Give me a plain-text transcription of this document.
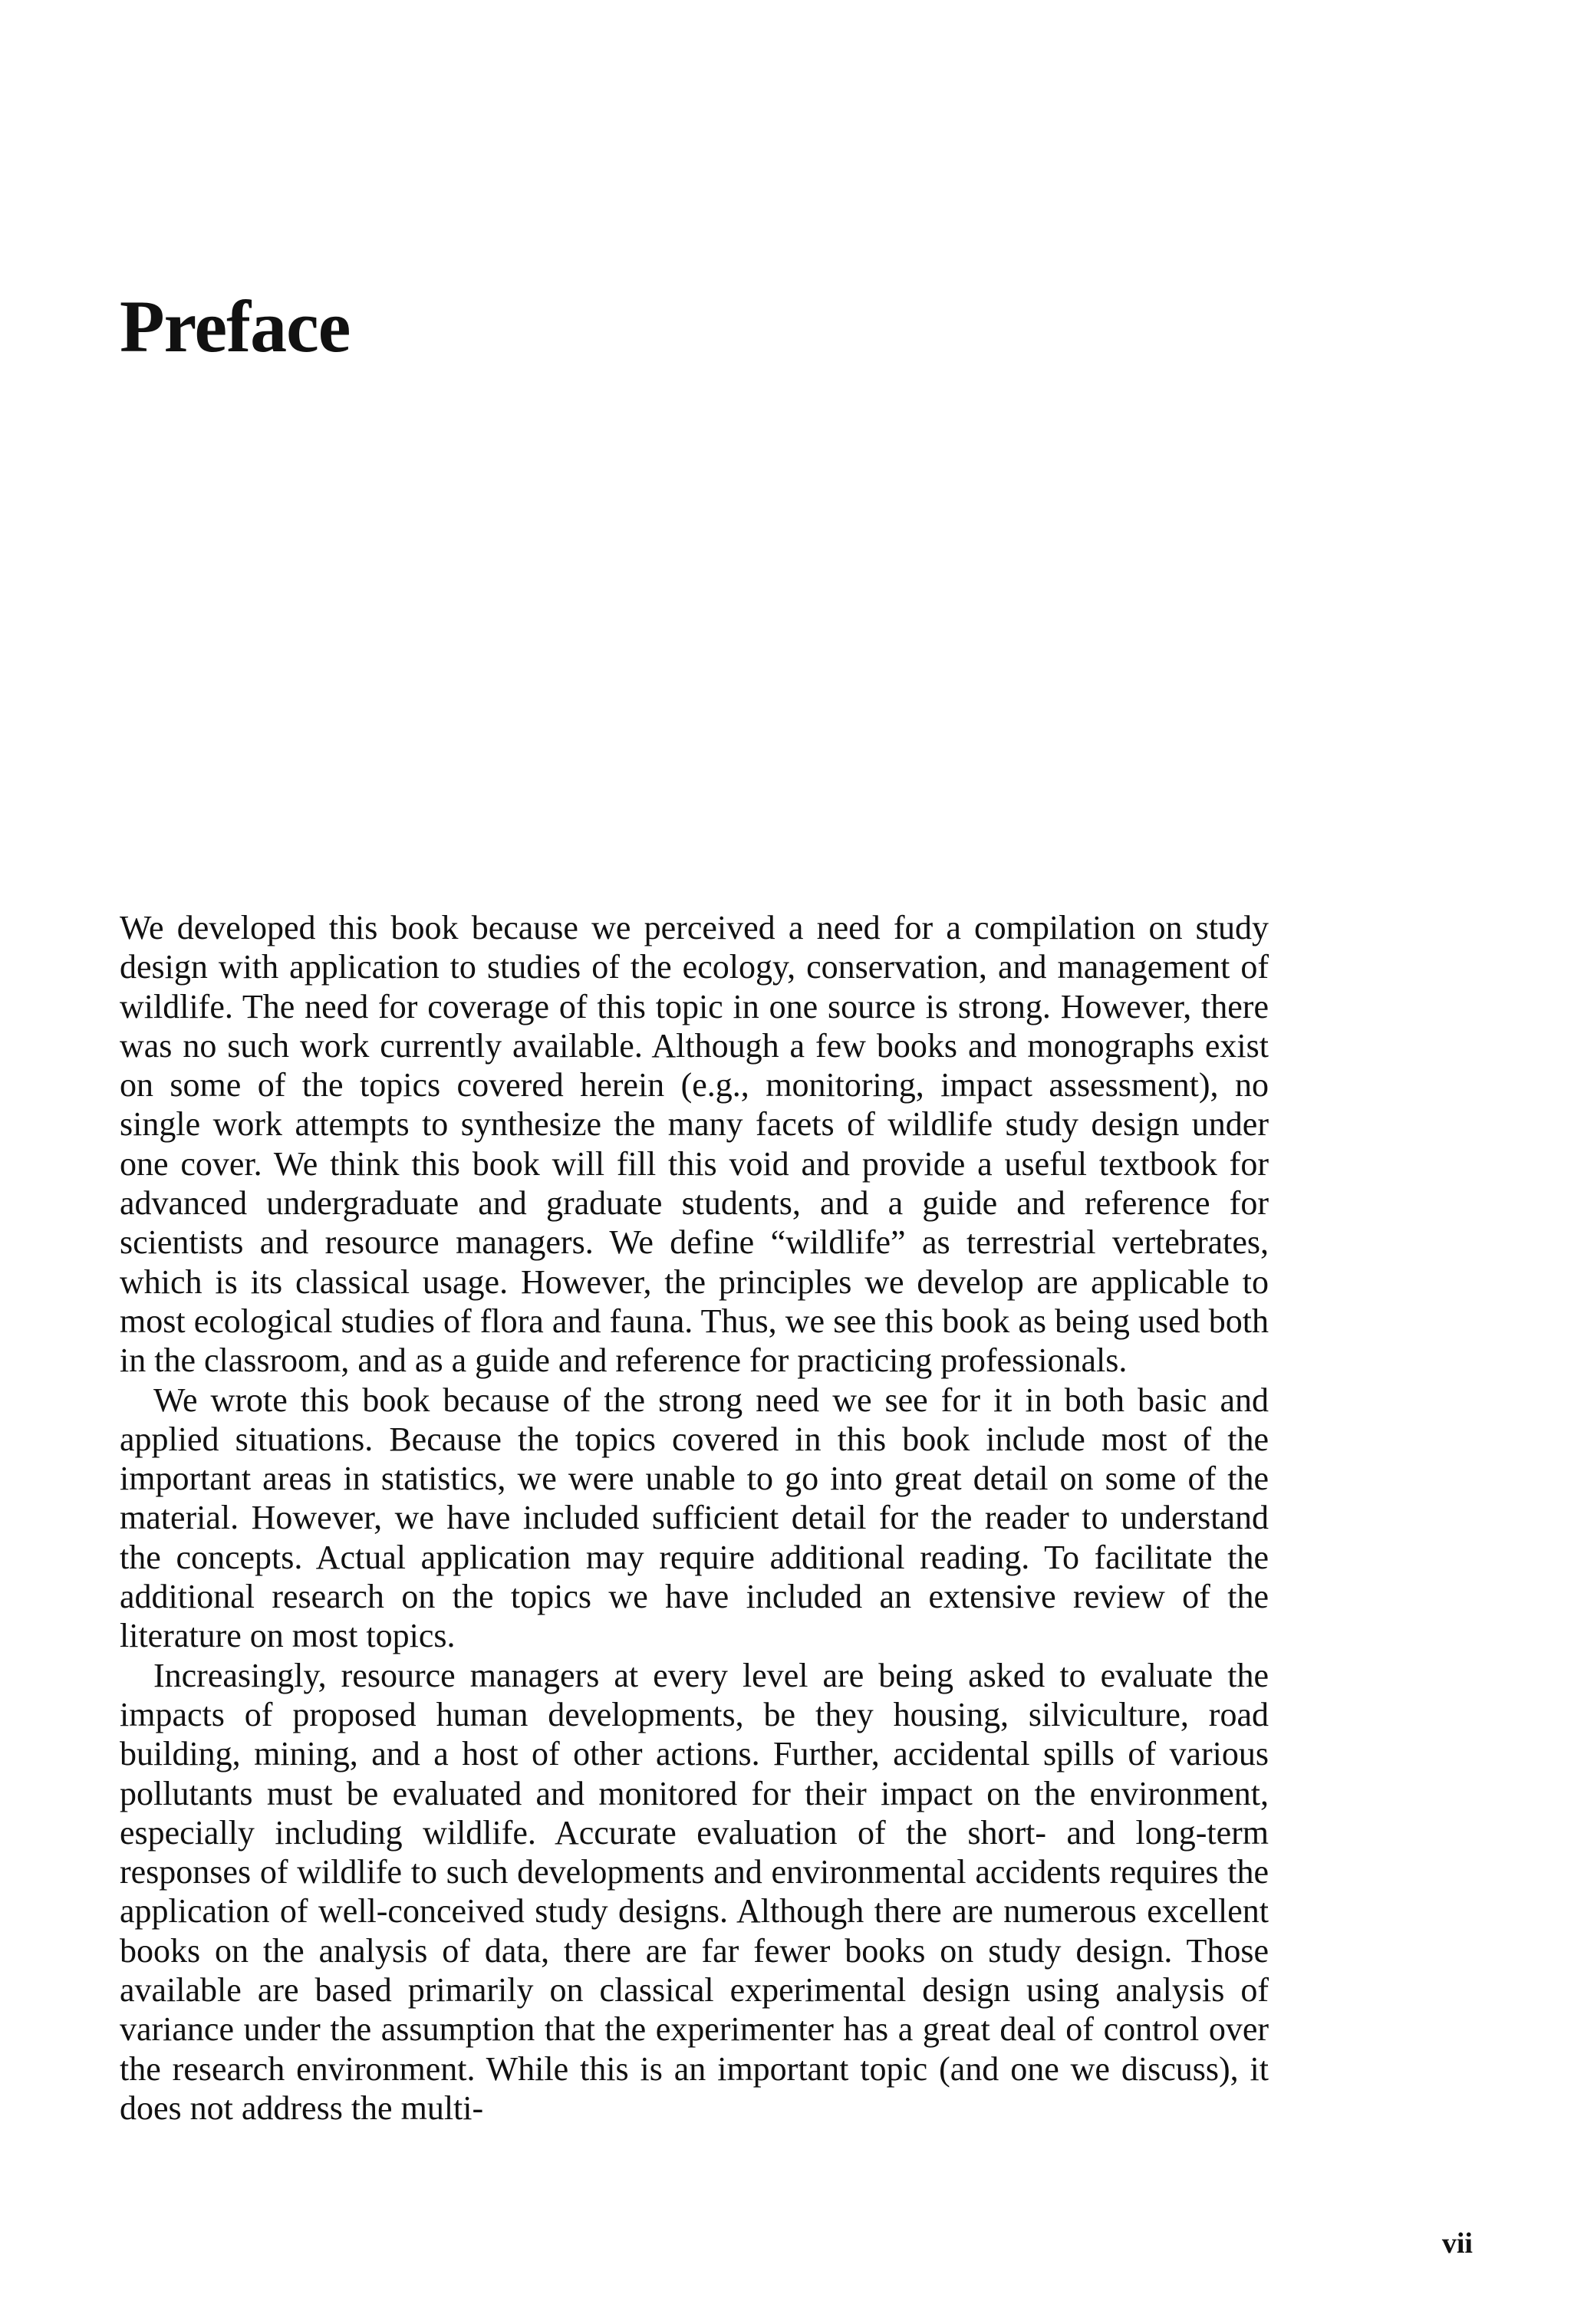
Preface

We developed this book because we perceived a need for a compilation on study design with application to studies of the ecology, conservation, and management of wildlife. The need for coverage of this topic in one source is strong. However, there was no such work currently available. Although a few books and monographs exist on some of the topics covered herein (e.g., monitoring, impact assessment), no single work attempts to synthesize the many facets of wildlife study design under one cover. We think this book will fill this void and provide a useful textbook for advanced undergraduate and graduate students, and a guide and reference for scientists and resource managers. We define “wildlife” as terrestrial vertebrates, which is its classical usage. However, the principles we develop are applicable to most ecological studies of flora and fauna. Thus, we see this book as being used both in the classroom, and as a guide and reference for practicing professionals.

We wrote this book because of the strong need we see for it in both basic and applied situations. Because the topics covered in this book include most of the important areas in statistics, we were unable to go into great detail on some of the material. However, we have included sufficient detail for the reader to understand the concepts. Actual application may require additional reading. To facilitate the additional research on the topics we have included an extensive review of the literature on most topics.

Increasingly, resource managers at every level are being asked to evaluate the impacts of proposed human developments, be they housing, silviculture, road building, mining, and a host of other actions. Further, accidental spills of various pollutants must be evaluated and monitored for their impact on the environment, especially including wildlife. Accurate evaluation of the short- and long-term responses of wildlife to such developments and environmental accidents requires the application of well-conceived study designs. Although there are numerous excellent books on the analysis of data, there are far fewer books on study design. Those available are based primarily on classical experimental design using analysis of variance under the assumption that the experimenter has a great deal of control over the research environment. While this is an important topic (and one we discuss), it does not address the multi-

vii
